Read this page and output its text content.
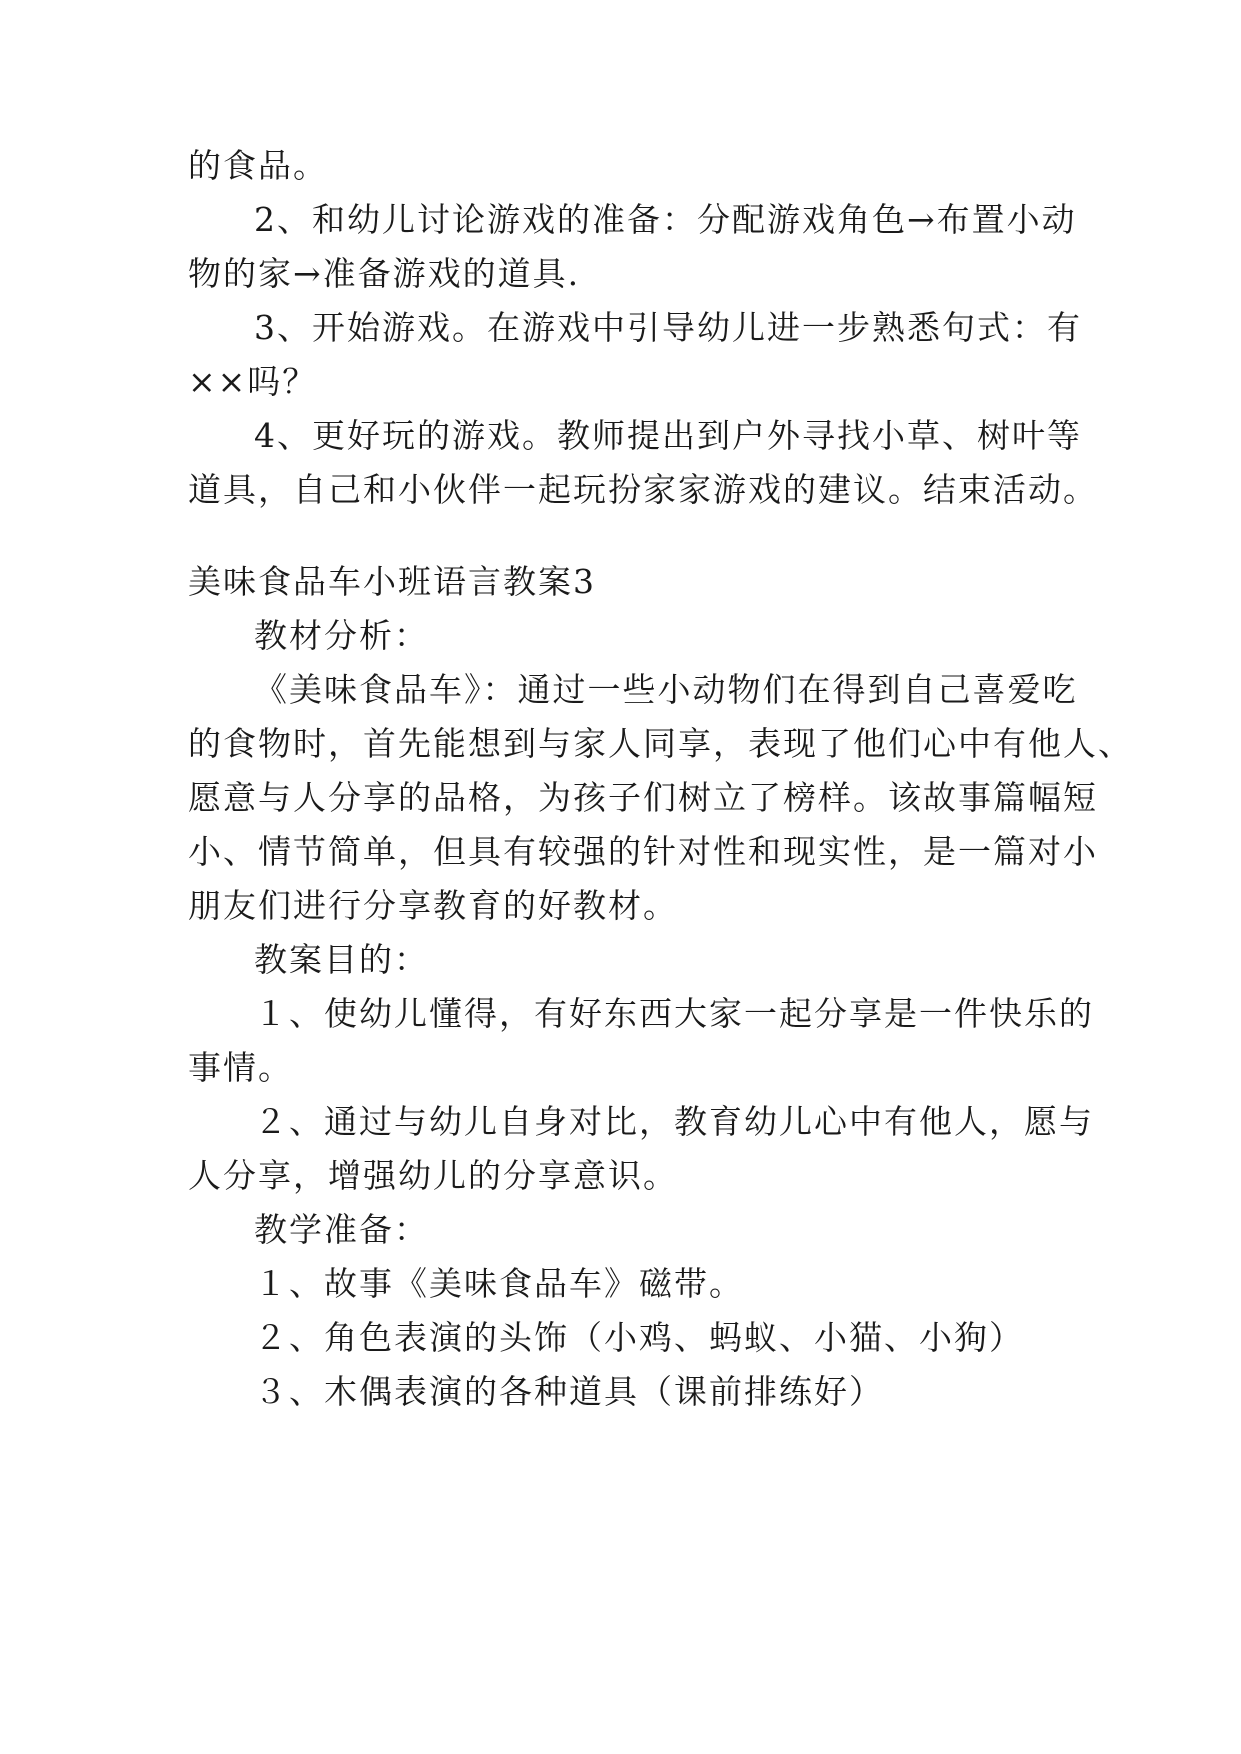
的食品。
2、和幼儿讨论游戏的准备：分配游戏角色→布置小动
物的家→准备游戏的道具.
3、开始游戏。在游戏中引导幼儿进一步熟悉句式：有
××吗？
4、更好玩的游戏。教师提出到户外寻找小草、树叶等
道具，自己和小伙伴一起玩扮家家游戏的建议。结束活动。
美味食品车小班语言教案3
教材分析：
《美味食品车》：通过一些小动物们在得到自己喜爱吃
的食物时，首先能想到与家人同享，表现了他们心中有他人、
愿意与人分享的品格，为孩子们树立了榜样。该故事篇幅短
小、情节简单，但具有较强的针对性和现实性，是一篇对小
朋友们进行分享教育的好教材。
教案目的：
１、使幼儿懂得，有好东西大家一起分享是一件快乐的
事情。
２、通过与幼儿自身对比，教育幼儿心中有他人，愿与
人分享，增强幼儿的分享意识。
教学准备：
１、故事《美味食品车》磁带。
２、角色表演的头饰（小鸡、蚂蚁、小猫、小狗）
３、木偶表演的各种道具（课前排练好）
